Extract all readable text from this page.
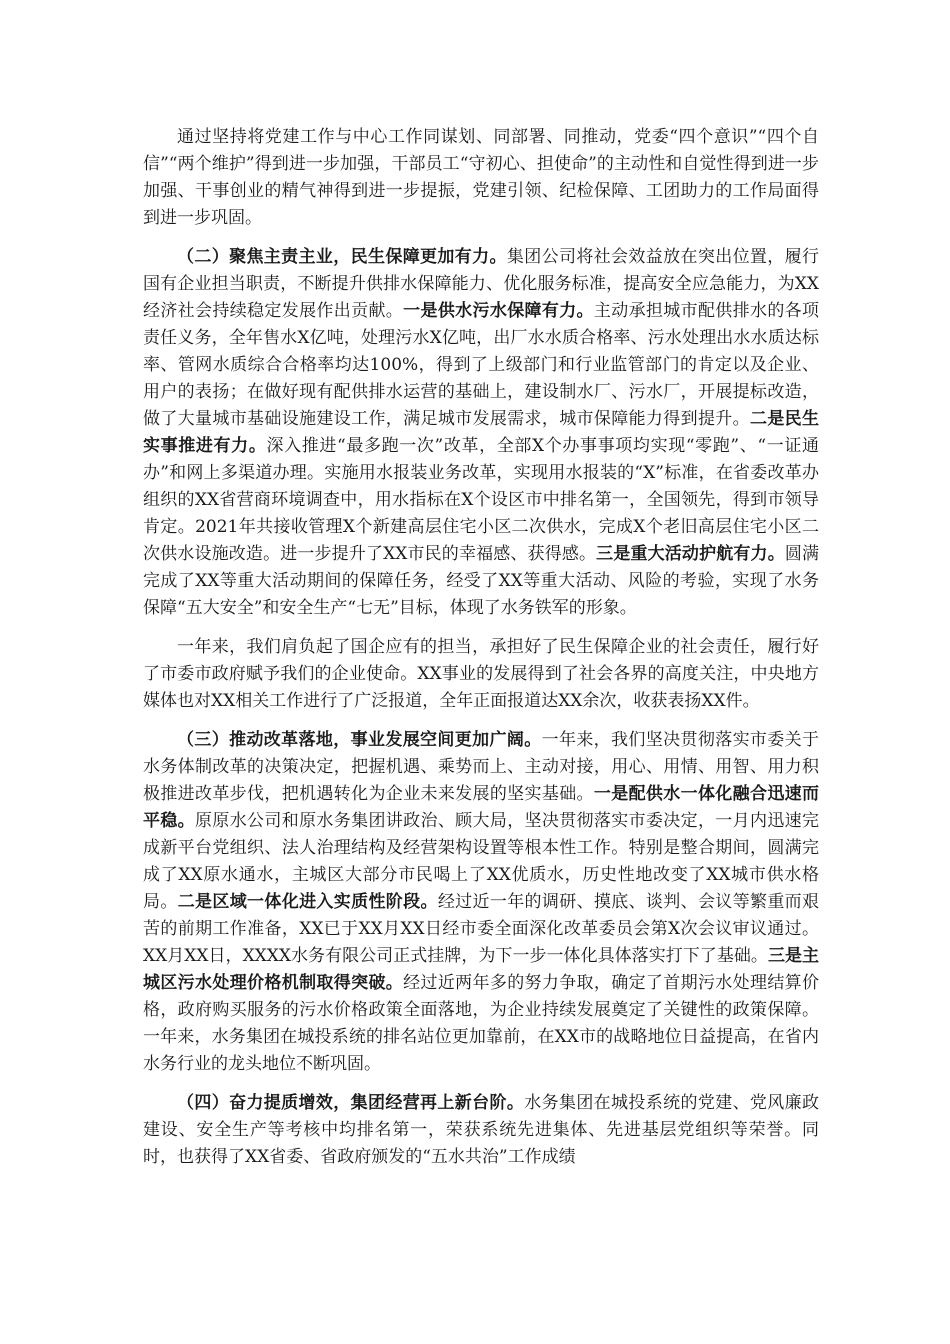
通过坚持将党建工作与中心工作同谋划、同部署、同推动，党委“四个意识”“四个自信”“两个维护”得到进一步加强，干部员工“守初心、担使命”的主动性和自觉性得到进一步加强、干事创业的精气神得到进一步提振，党建引领、纪检保障、工团助力的工作局面得到进一步巩固。

（二）聚焦主责主业，民生保障更加有力。集团公司将社会效益放在突出位置，履行国有企业担当职责，不断提升供排水保障能力、优化服务标准，提高安全应急能力，为XX经济社会持续稳定发展作出贡献。一是供水污水保障有力。主动承担城市配供排水的各项责任义务，全年售水X亿吨，处理污水X亿吨，出厂水水质合格率、污水处理出水水质达标率、管网水质综合合格率均达100%，得到了上级部门和行业监管部门的肯定以及企业、用户的表扬；在做好现有配供排水运营的基础上，建设制水厂、污水厂，开展提标改造，做了大量城市基础设施建设工作，满足城市发展需求，城市保障能力得到提升。二是民生实事推进有力。深入推进“最多跑一次”改革，全部X个办事事项均实现“零跑”、“一证通办”和网上多渠道办理。实施用水报装业务改革，实现用水报装的“X”标准，在省委改革办组织的XX省营商环境调查中，用水指标在X个设区市中排名第一，全国领先，得到市领导肯定。2021年共接收管理X个新建高层住宅小区二次供水，完成X个老旧高层住宅小区二次供水设施改造。进一步提升了XX市民的幸福感、获得感。三是重大活动护航有力。圆满完成了XX等重大活动期间的保障任务，经受了XX等重大活动、风险的考验，实现了水务保障“五大安全”和安全生产“七无”目标，体现了水务铁军的形象。

一年来，我们肩负起了国企应有的担当，承担好了民生保障企业的社会责任，履行好了市委市政府赋予我们的企业使命。XX事业的发展得到了社会各界的高度关注，中央地方媒体也对XX相关工作进行了广泛报道，全年正面报道达XX余次，收获表扬XX件。

（三）推动改革落地，事业发展空间更加广阔。一年来，我们坚决贯彻落实市委关于水务体制改革的决策决定，把握机遇、乘势而上、主动对接，用心、用情、用智、用力积极推进改革步伐，把机遇转化为企业未来发展的坚实基础。一是配供水一体化融合迅速而平稳。原原水公司和原水务集团讲政治、顾大局，坚决贯彻落实市委决定，一月内迅速完成新平台党组织、法人治理结构及经营架构设置等根本性工作。特别是整合期间，圆满完成了XX原水通水，主城区大部分市民喝上了XX优质水，历史性地改变了XX城市供水格局。二是区域一体化进入实质性阶段。经过近一年的调研、摸底、谈判、会议等繁重而艰苦的前期工作准备，XX已于XX月XX日经市委全面深化改革委员会第X次会议审议通过。XX月XX日，XXXX水务有限公司正式挂牌，为下一步一体化具体落实打下了基础。三是主城区污水处理价格机制取得突破。经过近两年多的努力争取，确定了首期污水处理结算价格，政府购买服务的污水价格政策全面落地，为企业持续发展奠定了关键性的政策保障。一年来，水务集团在城投系统的排名站位更加靠前，在XX市的战略地位日益提高，在省内水务行业的龙头地位不断巩固。

（四）奋力提质增效，集团经营再上新台阶。水务集团在城投系统的党建、党风廉政建设、安全生产等考核中均排名第一，荣获系统先进集体、先进基层党组织等荣誉。同时，也获得了XX省委、省政府颁发的“五水共治”工作成绩
